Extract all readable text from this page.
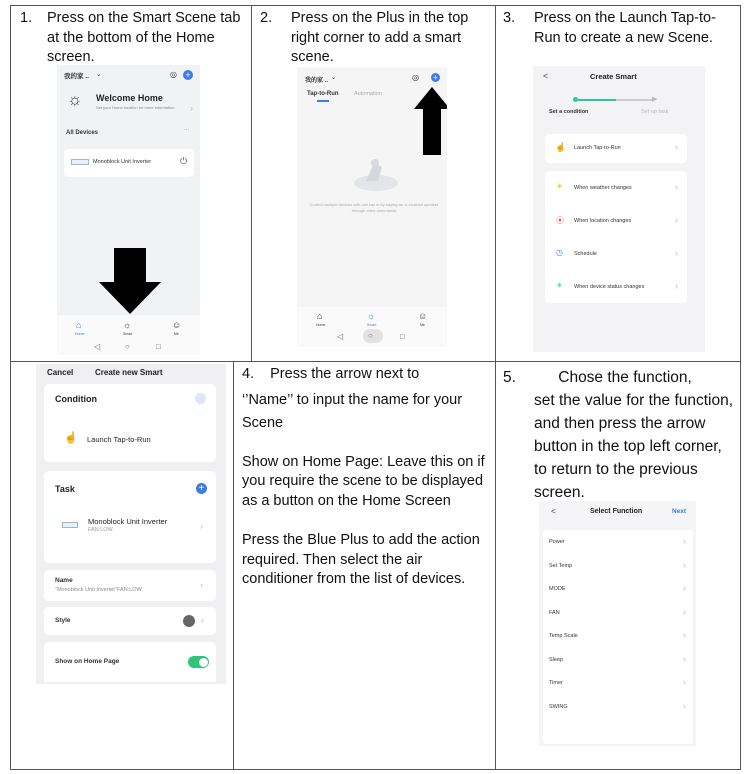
1.	Press on the Smart Scene tab at the bottom of the Home screen.
2.	Press on the Plus in the top right corner to add a smart scene.
3.	Press on the Launch Tap-to-Run to create a new Scene.
我的家 .. ⌄	◎ +
☼ Welcome Home
Set your Home location for more information ›
All Devices
...
Monoblock Unit Inverter	⏻
⌂
Home
☼
Smart
☺
Me
◁	○	□
我的家 .. ⌄	◎ +
Tap-to-Run	Automation
Control multiple devices with one tap or by saying as: A-enabled speaker through voice commands
⌂
Home
☼
Smart
☺
Me
◁	○	□
<	Create Smart
▶
Set a condition	Set up task
☝ Launch Tap-to-Run	›
☀ When weather changes	›
⦿ When location changes	›
◷ Schedule	›
✳ When device status changes	›
Cancel	Create new Smart
Condition
☝ Launch Tap-to-Run
Task	+
Monoblock Unit Inverter
FAN:LOW	›
Name
"Monoblock Unit Inverter"FAN:LOW	›
Style	›
Show on Home Page
4. Press the arrow next to
‘’Name’’ to input the name for your Scene
Show on Home Page: Leave this on if you require the scene to be displayed as a button on the Home Screen
Press the Blue Plus to add the action required. Then select the air conditioner from the list of devices.
5.	Chose the function,
set the value for the function, and then press the arrow button in the top left corner, to return to the previous screen.
<	Select Function	Next
Power	›
Set Temp	›
MODE	›
FAN	›
Temp Scale	›
Sleep	›
Timer	›
SWING	›
